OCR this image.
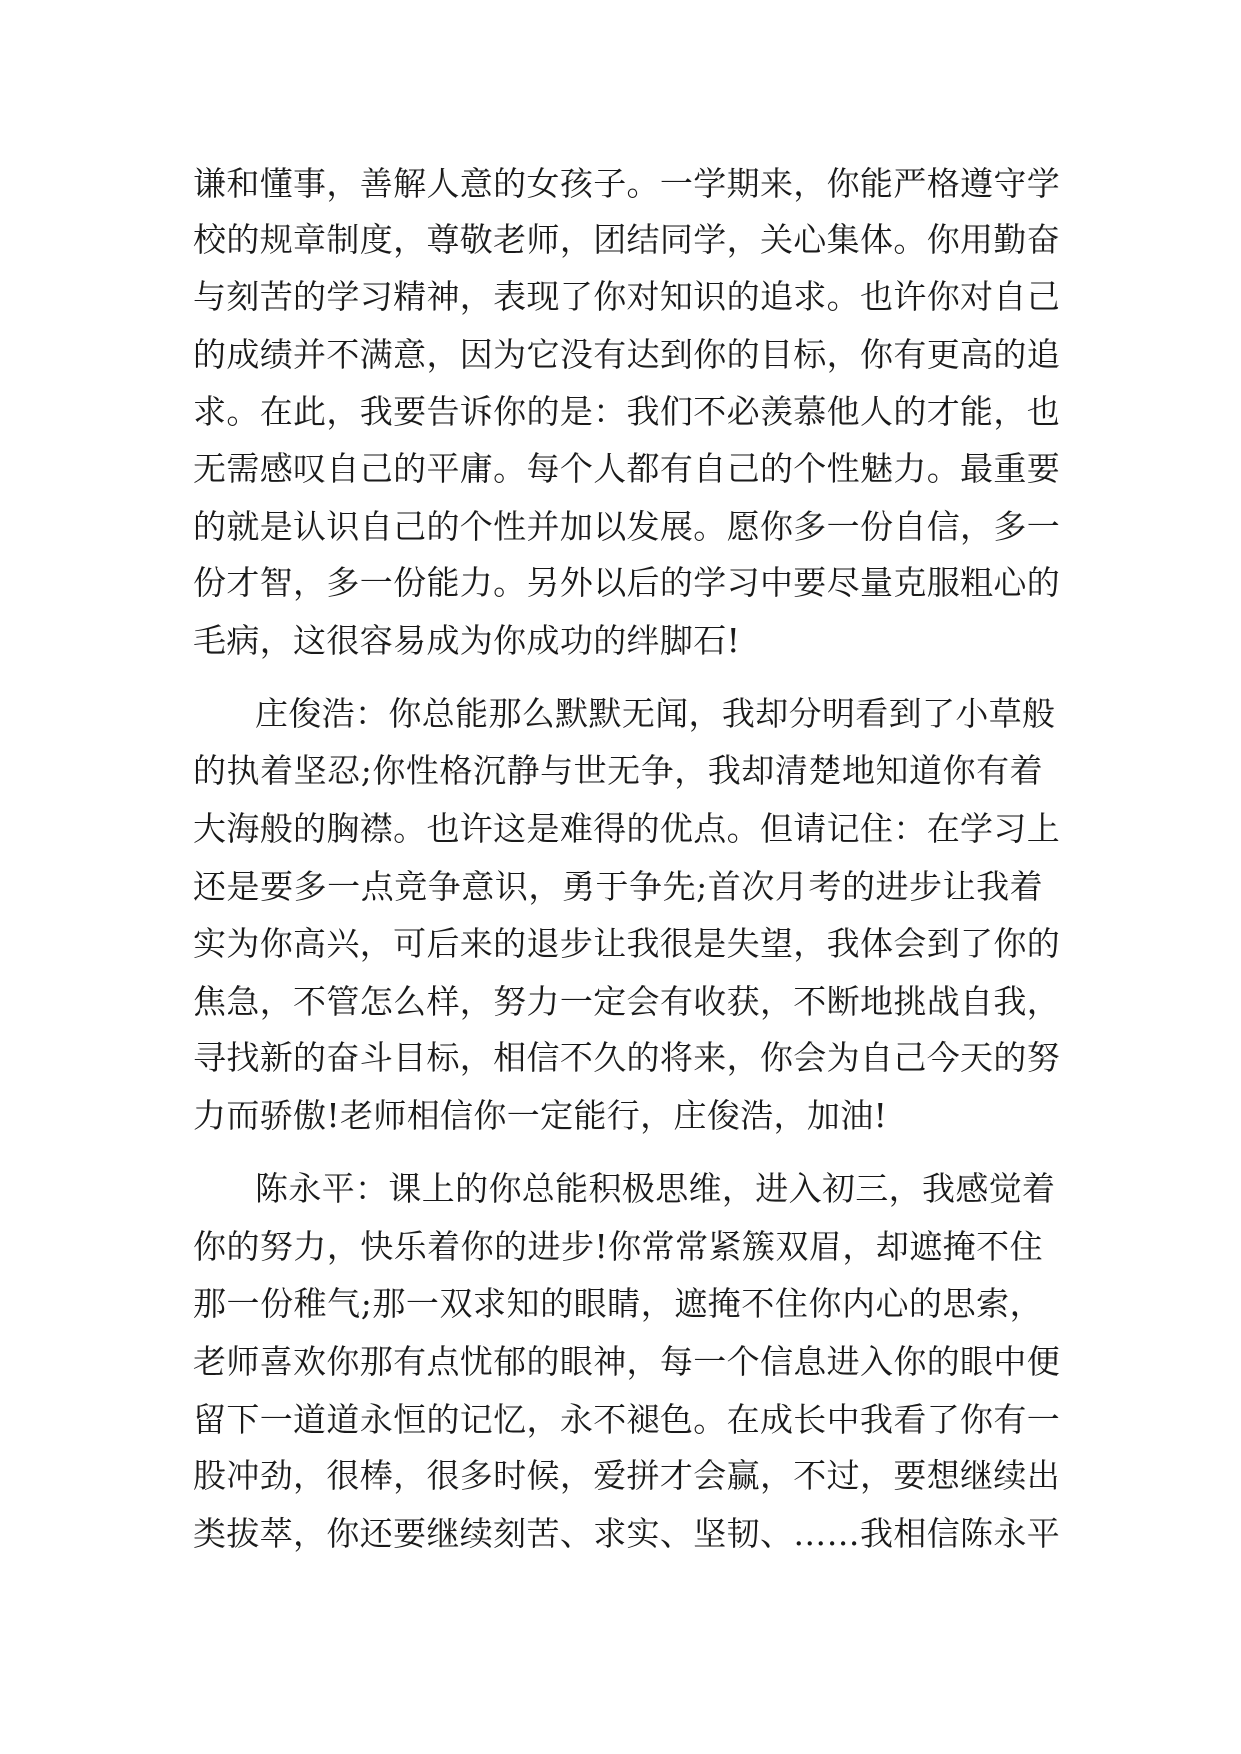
谦和懂事，善解人意的女孩子。一学期来，你能严格遵守学

校的规章制度，尊敬老师，团结同学，关心集体。你用勤奋

与刻苦的学习精神，表现了你对知识的追求。也许你对自己

的成绩并不满意，因为它没有达到你的目标，你有更高的追

求。在此，我要告诉你的是：我们不必羡慕他人的才能，也

无需感叹自己的平庸。每个人都有自己的个性魅力。最重要

的就是认识自己的个性并加以发展。愿你多一份自信，多一

份才智，多一份能力。另外以后的学习中要尽量克服粗心的

毛病，这很容易成为你成功的绊脚石!

庄俊浩：你总能那么默默无闻，我却分明看到了小草般

的执着坚忍;你性格沉静与世无争，我却清楚地知道你有着

大海般的胸襟。也许这是难得的优点。但请记住：在学习上

还是要多一点竞争意识，勇于争先;首次月考的进步让我着

实为你高兴，可后来的退步让我很是失望，我体会到了你的

焦急，不管怎么样，努力一定会有收获，不断地挑战自我，

寻找新的奋斗目标，相信不久的将来，你会为自己今天的努

力而骄傲!老师相信你一定能行，庄俊浩，加油!

陈永平：课上的你总能积极思维，进入初三，我感觉着

你的努力，快乐着你的进步!你常常紧簇双眉，却遮掩不住

那一份稚气;那一双求知的眼睛，遮掩不住你内心的思索，

老师喜欢你那有点忧郁的眼神，每一个信息进入你的眼中便

留下一道道永恒的记忆，永不褪色。在成长中我看了你有一

股冲劲，很棒，很多时候，爱拼才会赢，不过，要想继续出

类拔萃，你还要继续刻苦、求实、坚韧、……我相信陈永平
